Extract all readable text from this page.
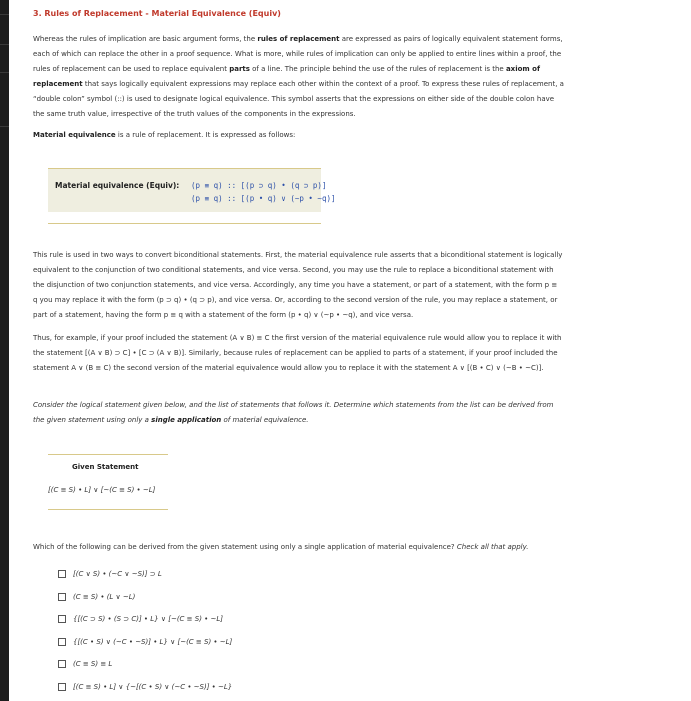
3. Rules of Replacement - Material Equivalence (Equiv)
Whereas the rules of implication are basic argument forms, the rules of replacement are expressed as pairs of logically equivalent statement forms,
each of which can replace the other in a proof sequence. What is more, while rules of implication can only be applied to entire lines within a proof, the
rules of replacement can be used to replace equivalent parts of a line. The principle behind the use of the rules of replacement is the axiom of
replacement that says logically equivalent expressions may replace each other within the context of a proof. To express these rules of replacement, a
“double colon” symbol (::) is used to designate logical equivalence. This symbol asserts that the expressions on either side of the double colon have
the same truth value, irrespective of the truth values of the components in the expressions.
Material equivalence is a rule of replacement. It is expressed as follows:
Material equivalence (Equiv): (p ≡ q) :: [(p ⊃ q) • (q ⊃ p)]
(p ≡ q) :: [(p • q) ∨ (~p • ~q)]
This rule is used in two ways to convert biconditional statements. First, the material equivalence rule asserts that a biconditional statement is logically
equivalent to the conjunction of two conditional statements, and vice versa. Second, you may use the rule to replace a biconditional statement with
the disjunction of two conjunction statements, and vice versa. Accordingly, any time you have a statement, or part of a statement, with the form p ≡
q you may replace it with the form (p ⊃ q) • (q ⊃ p), and vice versa. Or, according to the second version of the rule, you may replace a statement, or
part of a statement, having the form p ≡ q with a statement of the form (p • q) ∨ (~p • ~q), and vice versa.
Thus, for example, if your proof included the statement (A ∨ B) ≡ C the first version of the material equivalence rule would allow you to replace it with
the statement [(A ∨ B) ⊃ C] • [C ⊃ (A ∨ B)]. Similarly, because rules of replacement can be applied to parts of a statement, if your proof included the
statement A ∨ (B ≡ C) the second version of the material equivalence would allow you to replace it with the statement A ∨ [(B • C) ∨ (~B • ~C)].
Consider the logical statement given below, and the list of statements that follows it. Determine which statements from the list can be derived from
the given statement using only a single application of material equivalence.
Given Statement
[(C ≡ S) • L] ∨ [~(C ≡ S) • ~L]
Which of the following can be derived from the given statement using only a single application of material equivalence? Check all that apply.
[(C ∨ S) • (~C ∨ ~S)] ⊃ L
(C ≡ S) • (L ∨ ~L)
{[(C ⊃ S) • (S ⊃ C)] • L} ∨ [~(C ≡ S) • ~L]
{[(C • S) ∨ (~C • ~S)] • L} ∨ [~(C ≡ S) • ~L]
(C ≡ S) ≡ L
[(C ≡ S) • L] ∨ {~[(C • S) ∨ (~C • ~S)] • ~L}
